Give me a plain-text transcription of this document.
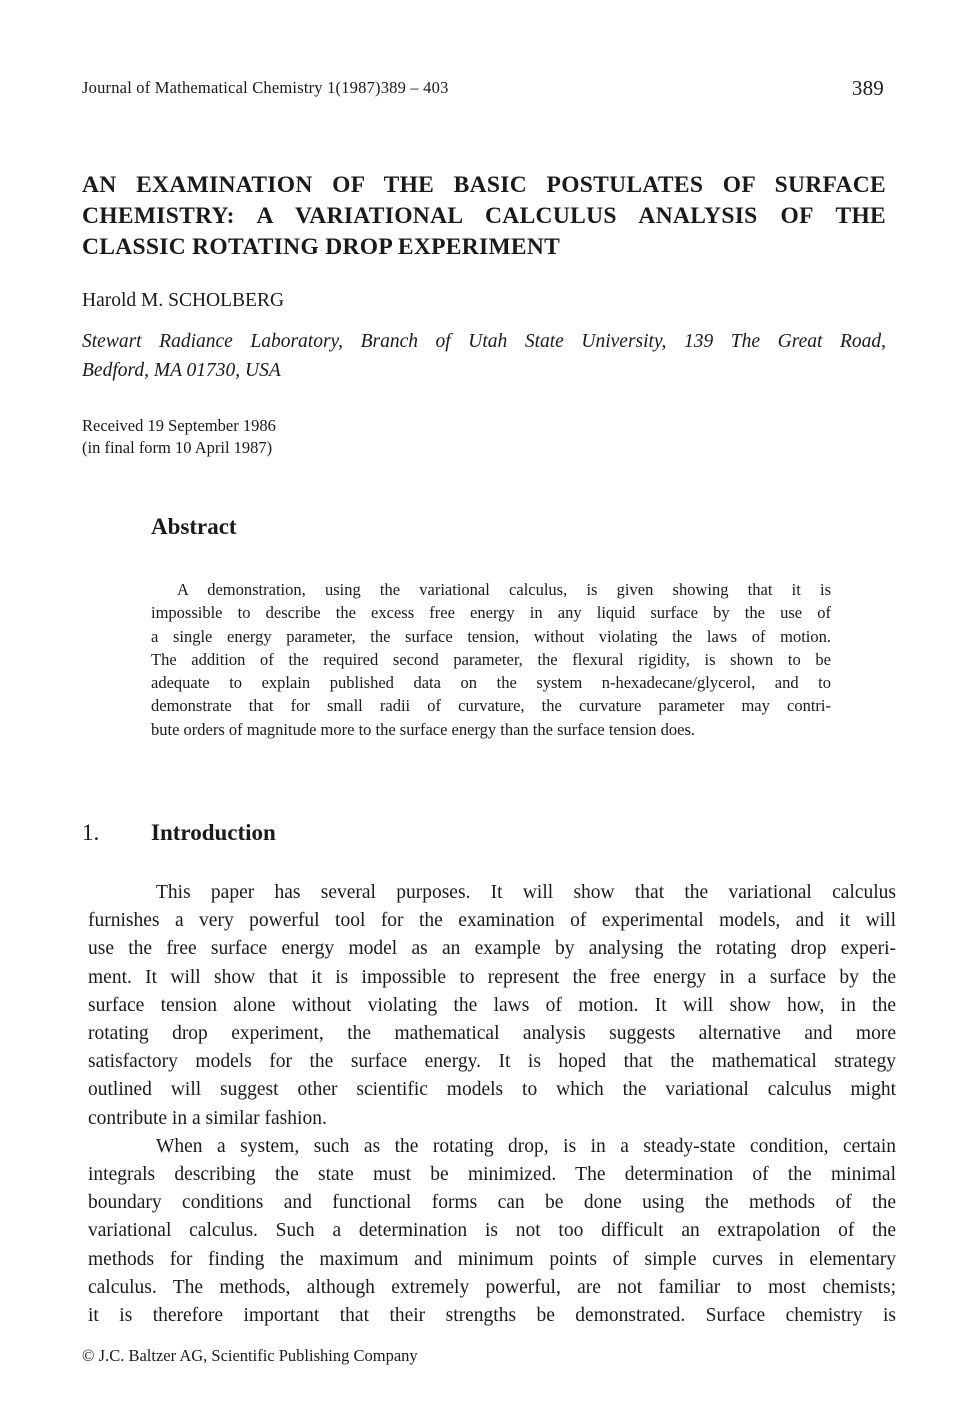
Journal of Mathematical Chemistry 1(1987)389 – 403	389
AN EXAMINATION OF THE BASIC POSTULATES OF SURFACE
CHEMISTRY: A VARIATIONAL CALCULUS ANALYSIS OF THE
CLASSIC ROTATING DROP EXPERIMENT
Harold M. SCHOLBERG
Stewart Radiance Laboratory, Branch of Utah State University, 139 The Great Road,
Bedford, MA 01730, USA
Received 19 September 1986
(in final form 10 April 1987)
Abstract
A demonstration, using the variational calculus, is given showing that it is
impossible to describe the excess free energy in any liquid surface by the use of
a single energy parameter, the surface tension, without violating the laws of motion.
The addition of the required second parameter, the flexural rigidity, is shown to be
adequate to explain published data on the system n-hexadecane/glycerol, and to
demonstrate that for small radii of curvature, the curvature parameter may contri-
bute orders of magnitude more to the surface energy than the surface tension does.
1. Introduction
This paper has several purposes. It will show that the variational calculus
furnishes a very powerful tool for the examination of experimental models, and it will
use the free surface energy model as an example by analysing the rotating drop experi-
ment. It will show that it is impossible to represent the free energy in a surface by the
surface tension alone without violating the laws of motion. It will show how, in the
rotating drop experiment, the mathematical analysis suggests alternative and more
satisfactory models for the surface energy. It is hoped that the mathematical strategy
outlined will suggest other scientific models to which the variational calculus might
contribute in a similar fashion.
When a system, such as the rotating drop, is in a steady-state condition, certain
integrals describing the state must be minimized. The determination of the minimal
boundary conditions and functional forms can be done using the methods of the
variational calculus. Such a determination is not too difficult an extrapolation of the
methods for finding the maximum and minimum points of simple curves in elementary
calculus. The methods, although extremely powerful, are not familiar to most chemists;
it is therefore important that their strengths be demonstrated. Surface chemistry is
© J.C. Baltzer AG, Scientific Publishing Company
